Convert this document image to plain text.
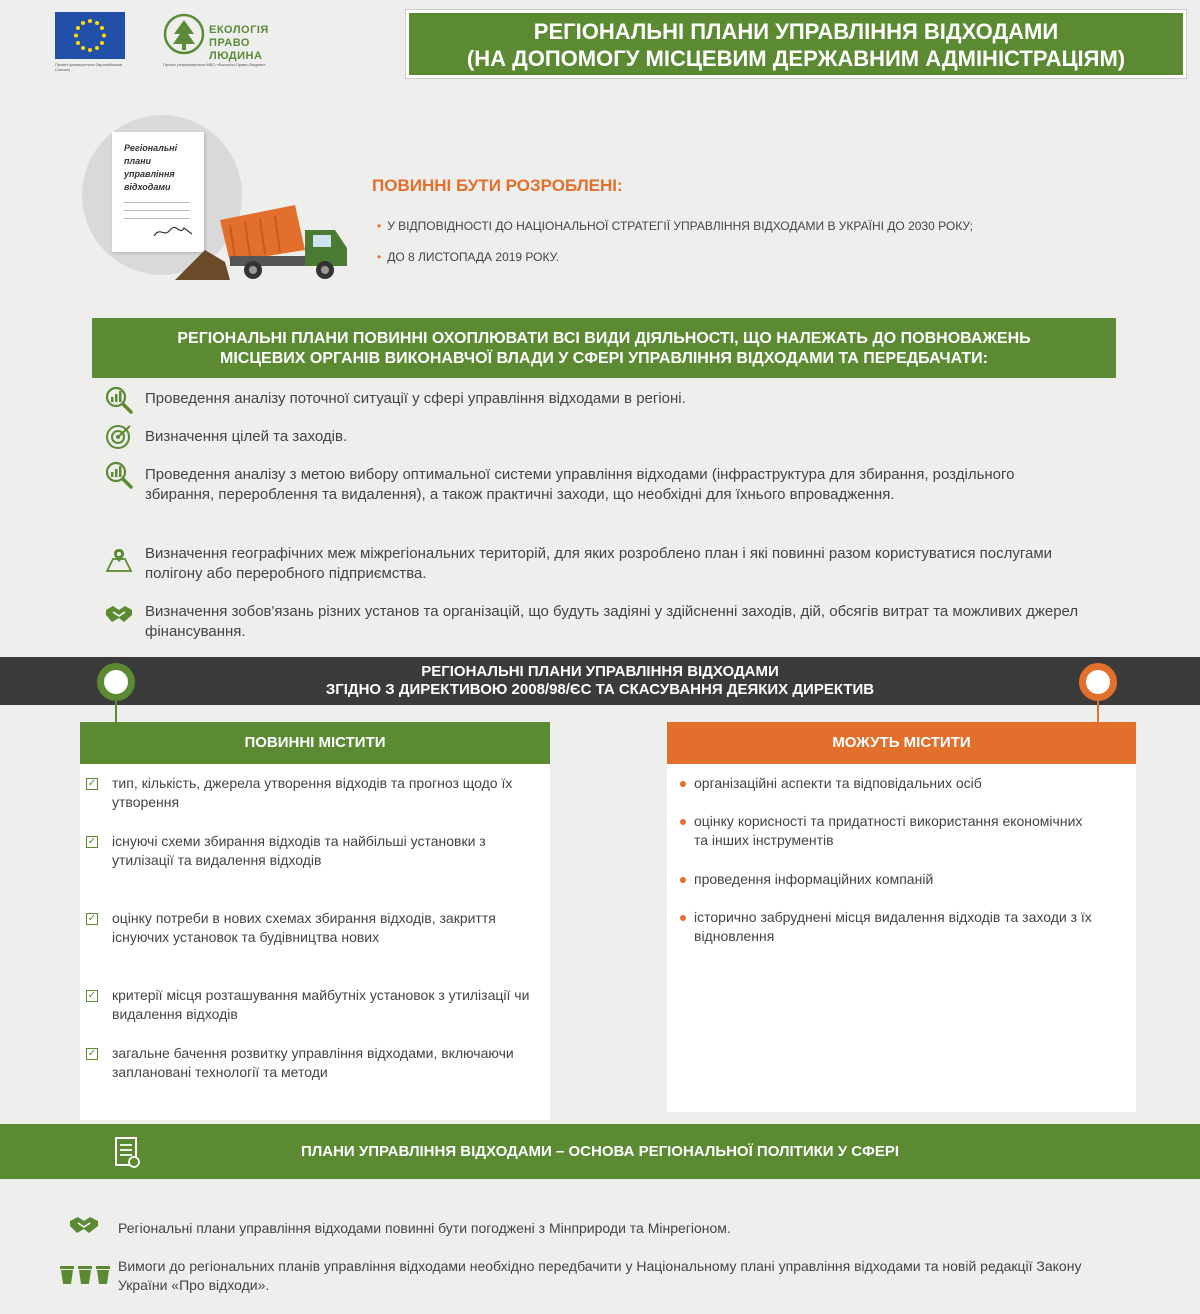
Проект фінансується Європейським Союзом
ЕКОЛОГІЯ
ПРАВО ЛЮДИНА
Проект реалізовується МБО «Екологія-Право-Людина»
РЕГІОНАЛЬНІ ПЛАНИ УПРАВЛІННЯ ВІДХОДАМИ
(НА ДОПОМОГУ МІСЦЕВИМ ДЕРЖАВНИМ АДМІНІСТРАЦІЯМ)
Регіональні
плани
управління
відходами	ПОВИННІ БУТИ РОЗРОБЛЕНІ:
• У ВІДПОВІДНОСТІ ДО НАЦІОНАЛЬНОЇ СТРАТЕГІЇ УПРАВЛІННЯ ВІДХОДАМИ В УКРАЇНІ ДО 2030 РОКУ;
• ДО 8 ЛИСТОПАДА 2019 РОКУ.
РЕГІОНАЛЬНІ ПЛАНИ ПОВИННІ ОХОПЛЮВАТИ ВСІ ВИДИ ДІЯЛЬНОСТІ, ЩО НАЛЕЖАТЬ ДО ПОВНОВАЖЕНЬ
МІСЦЕВИХ ОРГАНІВ ВИКОНАВЧОЇ ВЛАДИ У СФЕРІ УПРАВЛІННЯ ВІДХОДАМИ ТА ПЕРЕДБАЧАТИ:
Проведення аналізу поточної ситуації у сфері управління відходами в регіоні.
Визначення цілей та заходів.
Проведення аналізу з метою вибору оптимальної системи управління відходами (інфраструктура для збирання, роздільного збирання, перероблення та видалення), а також практичні заходи, що необхідні для їхнього впровадження.
Визначення географічних меж міжрегіональних територій, для яких розроблено план і які повинні разом користуватися послугами полігону або переробного підприємства.
Визначення зобов'язань різних установ та організацій, що будуть задіяні у здійсненні заходів, дій, обсягів витрат та можливих джерел фінансування.
РЕГІОНАЛЬНІ ПЛАНИ УПРАВЛІННЯ ВІДХОДАМИ
ЗГІДНО З ДИРЕКТИВОЮ 2008/98/ЄС ТА СКАСУВАННЯ ДЕЯКИХ ДИРЕКТИВ
ПОВИННІ МІСТИТИ	МОЖУТЬ МІСТИТИ
✓ тип, кількість, джерела утворення відходів та прогноз щодо їх утворення
✓ існуючі схеми збирання відходів та найбільші установки з утилізації та видалення відходів
✓ оцінку потреби в нових схемах збирання відходів, закриття існуючих установок та будівництва нових
✓ критерії місця розташування майбутніх установок з утилізації чи видалення відходів
✓ загальне бачення розвитку управління відходами, включаючи заплановані технології та методи
організаційні аспекти та відповідальних осіб
оцінку корисності та придатності використання економічних та інших інструментів
проведення інформаційних компаній
історично забруднені місця видалення відходів та заходи з їх відновлення
ПЛАНИ УПРАВЛІННЯ ВІДХОДАМИ – ОСНОВА РЕГІОНАЛЬНОЇ ПОЛІТИКИ У СФЕРІ
Регіональні плани управління відходами повинні бути погоджені з Мінприроди та Мінрегіоном.
Вимоги до регіональних планів управління відходами необхідно передбачити у Національному плані управління відходами та новій редакції Закону України «Про відходи».
